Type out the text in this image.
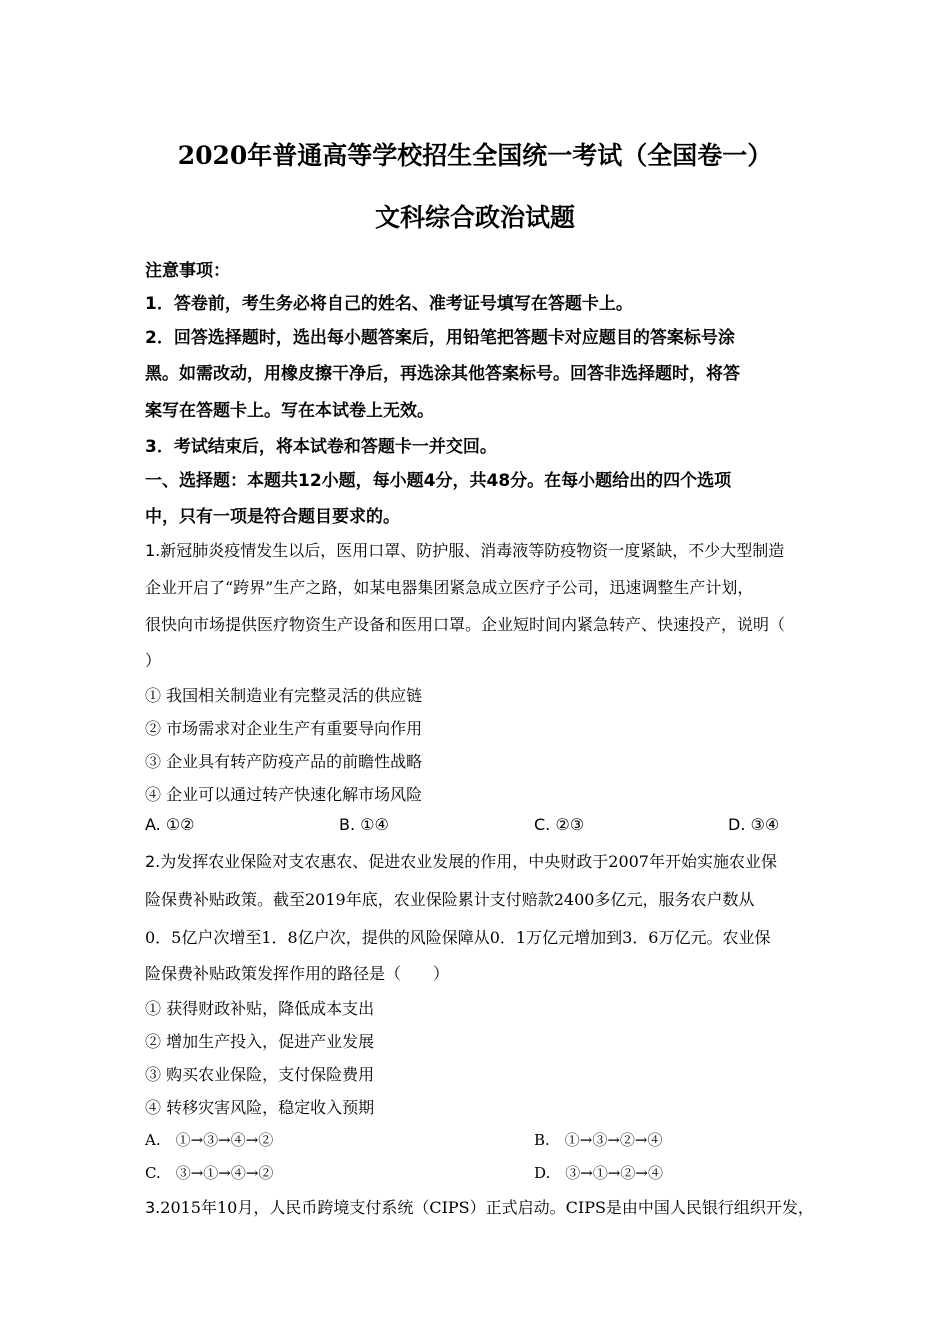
2020年普通高等学校招生全国统一考试（全国卷一）
文科综合政治试题
注意事项：
1．答卷前，考生务必将自己的姓名、准考证号填写在答题卡上。
2．回答选择题时，选出每小题答案后，用铅笔把答题卡对应题目的答案标号涂
黑。如需改动，用橡皮擦干净后，再选涂其他答案标号。回答非选择题时，将答
案写在答题卡上。写在本试卷上无效。
3．考试结束后，将本试卷和答题卡一并交回。
一、选择题：本题共12小题，每小题4分，共48分。在每小题给出的四个选项
中，只有一项是符合题目要求的。
1.新冠肺炎疫情发生以后，医用口罩、防护服、消毒液等防疫物资一度紧缺，不少大型制造
企业开启了“跨界”生产之路，如某电器集团紧急成立医疗子公司，迅速调整生产计划，
很快向市场提供医疗物资生产设备和医用口罩。企业短时间内紧急转产、快速投产，说明（
）
① 我国相关制造业有完整灵活的供应链
② 市场需求对企业生产有重要导向作用
③ 企业具有转产防疫产品的前瞻性战略
④ 企业可以通过转产快速化解市场风险
A. ①②	B. ①④	C. ②③	D. ③④
2.为发挥农业保险对支农惠农、促进农业发展的作用，中央财政于2007年开始实施农业保
险保费补贴政策。截至2019年底，农业保险累计支付赔款2400多亿元，服务农户数从
0．5亿户次增至1．8亿户次，提供的风险保障从0．1万亿元增加到3．6万亿元。农业保
险保费补贴政策发挥作用的路径是（　　）
① 获得财政补贴，降低成本支出
② 增加生产投入，促进产业发展
③ 购买农业保险，支付保险费用
④ 转移灾害风险，稳定收入预期
A.　①→③→④→②	B.　①→③→②→④
C.　③→①→④→②	D.　③→①→②→④
3.2015年10月，人民币跨境支付系统（CIPS）正式启动。CIPS是由中国人民银行组织开发，
